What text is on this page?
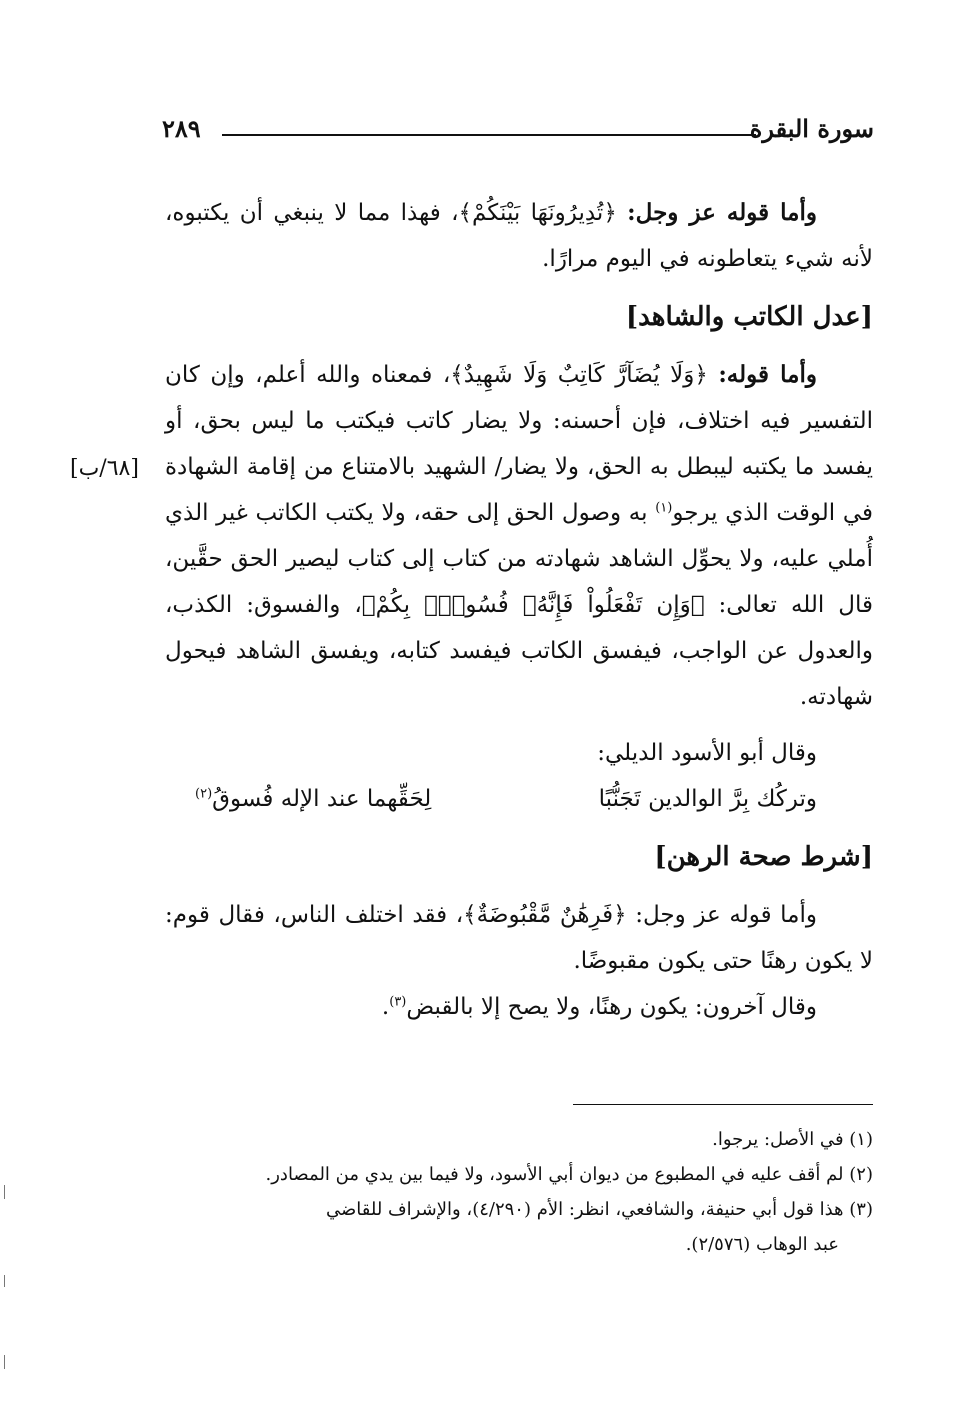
سورة البقرة
٢٨٩
[٦٨/ب]

وأما قوله عز وجل: ﴿تُدِيرُونَهَا بَيْنَكُمْ﴾، فهذا مما لا ينبغي أن يكتبوه، لأنه شيء يتعاطونه في اليوم مرارًا.

[عدل الكاتب والشاهد]

وأما قوله: ﴿وَلَا يُضَآرَّ كَاتِبٌ وَلَا شَهِيدٌ﴾، فمعناه والله أعلم، وإن كان التفسير فيه اختلاف، فإن أحسنه: ولا يضار كاتب فيكتب ما ليس بحق، أو يفسد ما يكتبه ليبطل به الحق، ولا يضار/ الشهيد بالامتناع من إقامة الشهادة في الوقت الذي يرجو$^{(١)}$ به وصول الحق إلى حقه، ولا يكتب الكاتب غير الذي أُملي عليه، ولا يحوِّل الشاهد شهادته من كتاب إلى كتاب ليصير الحق حقَّين، قال الله تعالى: ﴿وَإِن تَفْعَلُواْ فَإِنَّهُۥ فُسُوقٌۢ بِكُمْ﴾، والفسوق: الكذب، والعدول عن الواجب، فيفسق الكاتب فيفسد كتابه، ويفسق الشاهد فيحول شهادته.

وقال أبو الأسود الديلي:

وتركُك بِرَّ الوالدين تَجَنُّبًا
لِحَقِّهما عند الإله فُسوقُ$^{(٢)}$

[شرط صحة الرهن]

وأما قوله عز وجل: ﴿فَرِهَٰنٌ مَّقْبُوضَةٌ﴾، فقد اختلف الناس، فقال قوم: لا يكون رهنًا حتى يكون مقبوضًا.

وقال آخرون: يكون رهنًا، ولا يصح إلا بالقبض$^{(٣)}$.

(١) في الأصل: يرجوا.

(٢) لم أقف عليه في المطبوع من ديوان أبي الأسود، ولا فيما بين يدي من المصادر.

(٣) هذا قول أبي حنيفة، والشافعي، انظر: الأم (٤/٢٩٠)، والإشراف للقاضي

عبد الوهاب (٢/٥٧٦).
